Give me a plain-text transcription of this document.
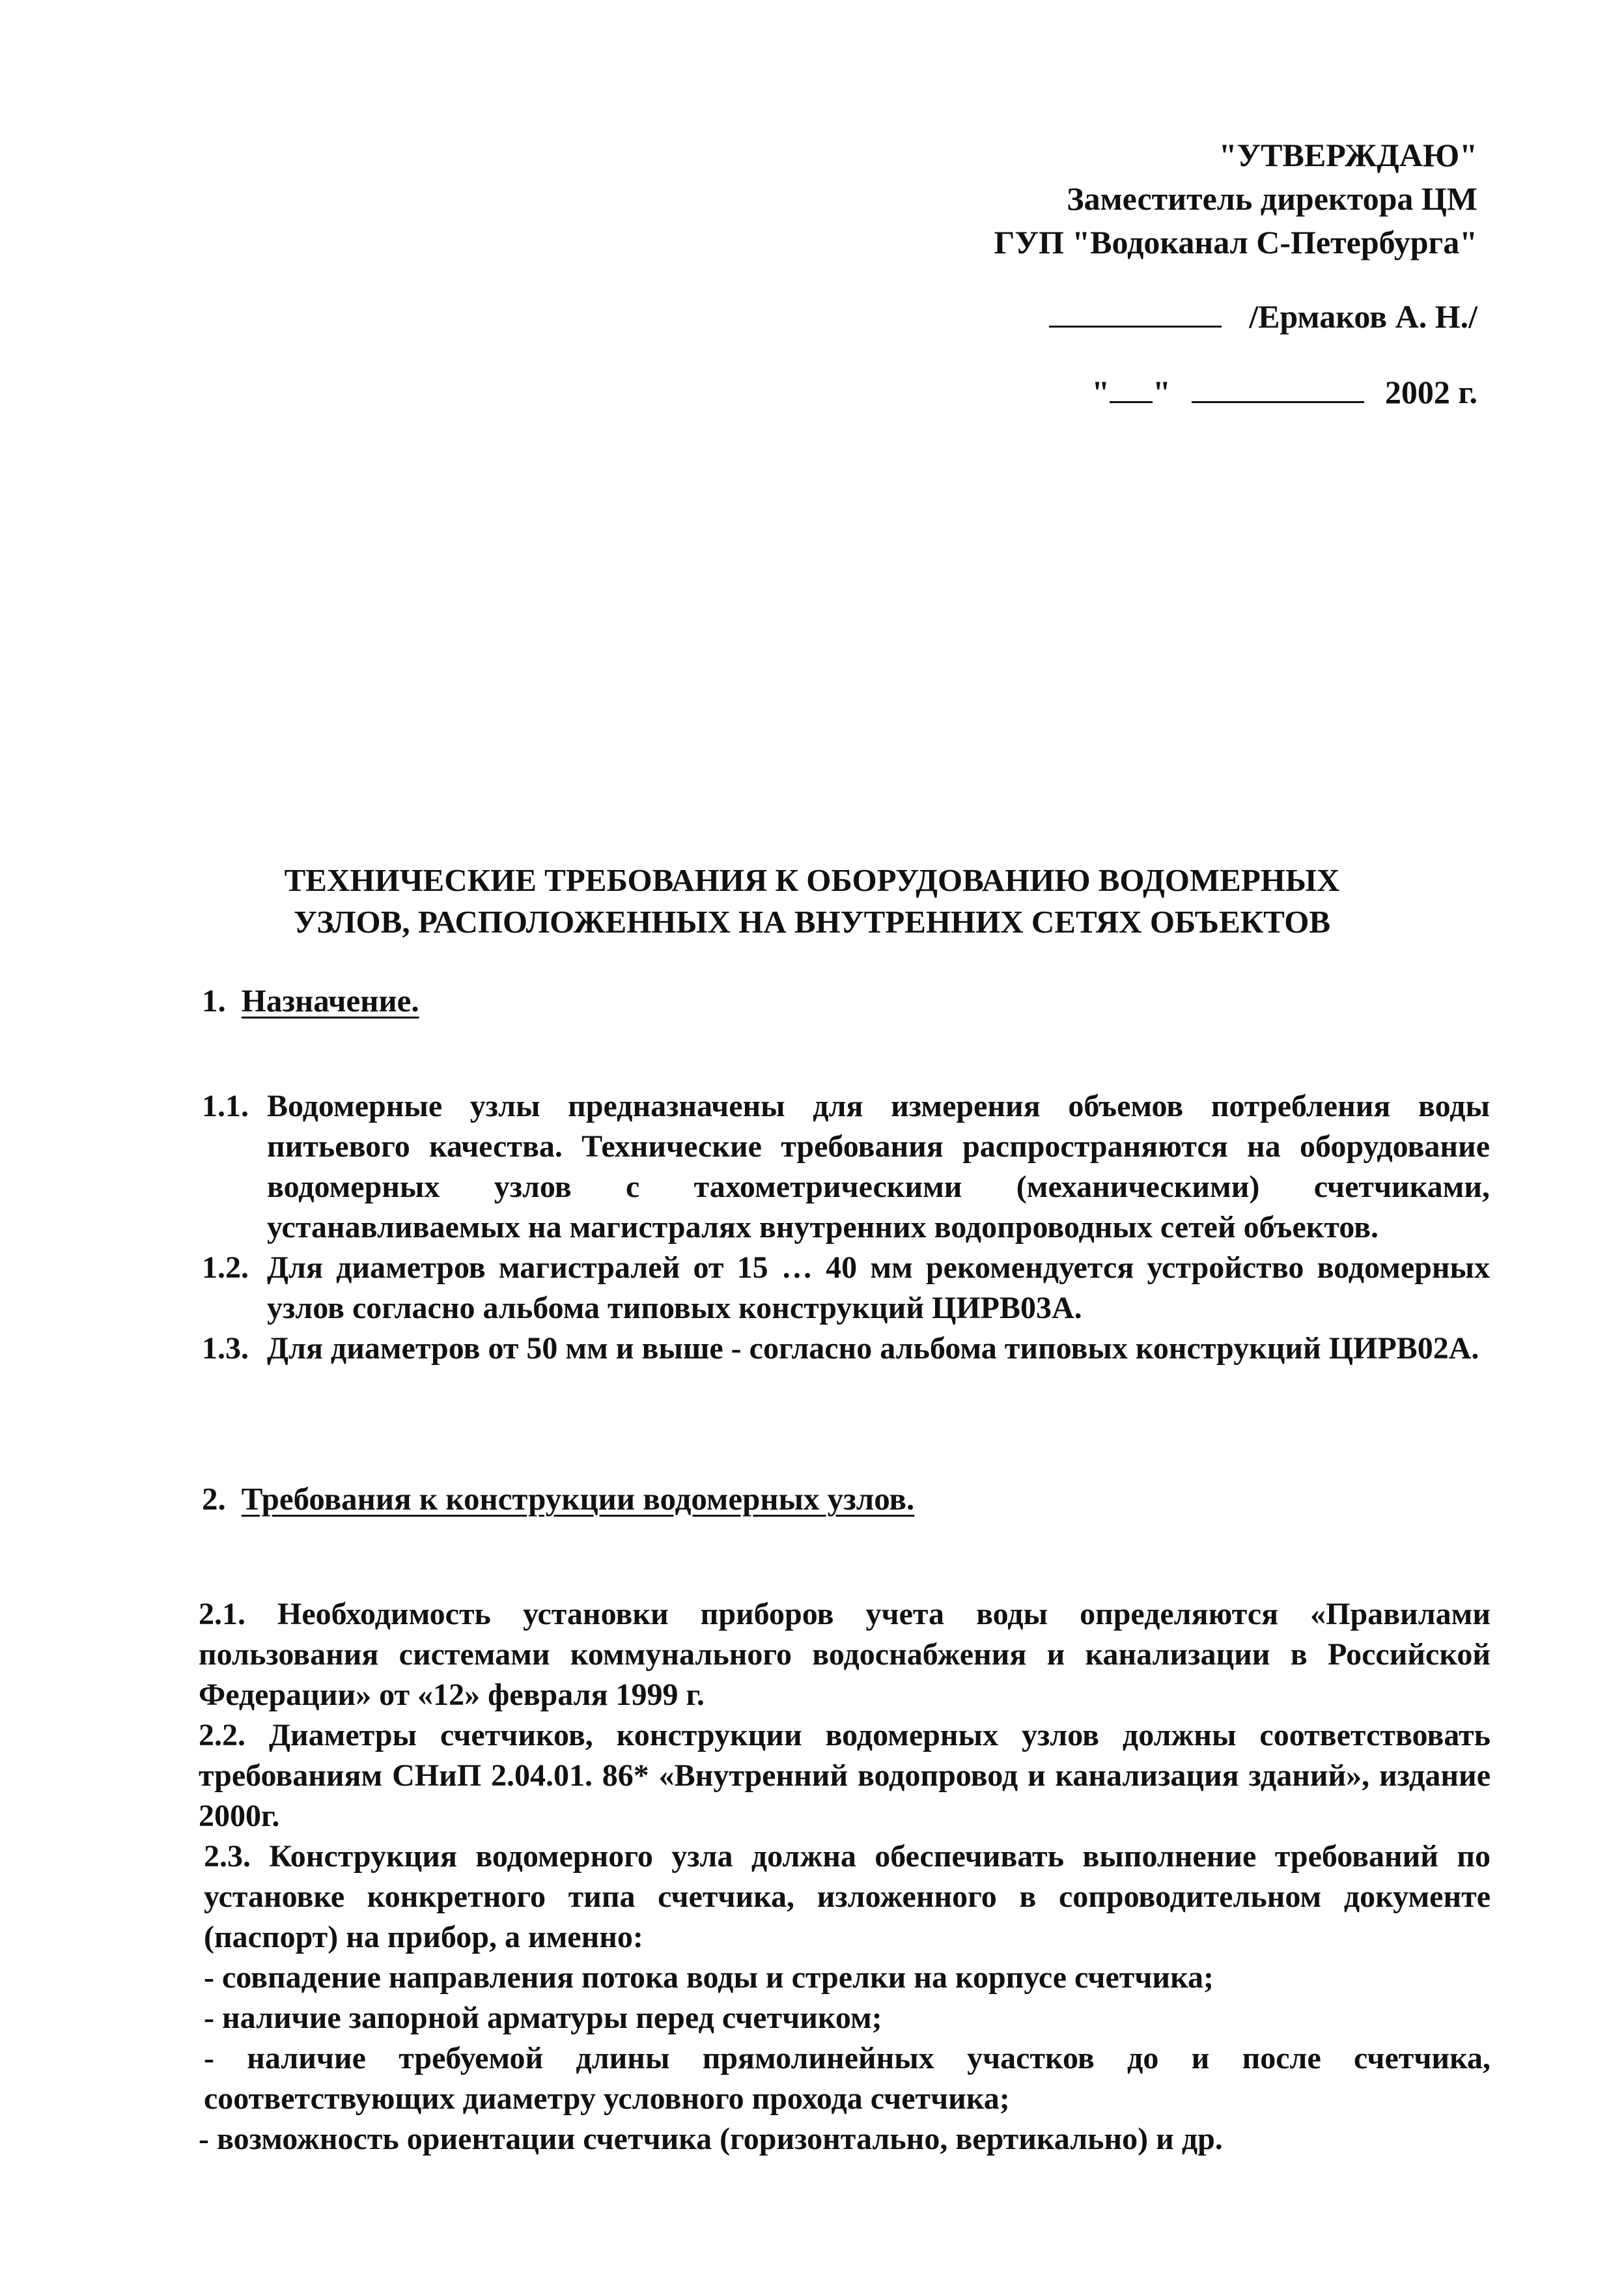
"УТВЕРЖДАЮ"
Заместитель директора ЦМ
ГУП "Водоканал С-Петербурга"
/Ермаков А. Н./
" "	2002 г.
ТЕХНИЧЕСКИЕ ТРЕБОВАНИЯ К ОБОРУДОВАНИЮ ВОДОМЕРНЫХ
УЗЛОВ, РАСПОЛОЖЕННЫХ НА ВНУТРЕННИХ СЕТЯХ ОБЪЕКТОВ
1. Назначение.
1.1. Водомерные узлы предназначены для измерения объемов потребления воды питьевого качества. Технические требования распространяются на оборудование водомерных узлов с тахометрическими (механическими) счетчиками, устанавливаемых на магистралях внутренних водопроводных сетей объектов.
1.2. Для диаметров магистралей от 15 … 40 мм рекомендуется устройство водомерных узлов согласно альбома типовых конструкций ЦИРВ03А.
1.3. Для диаметров от 50 мм и выше - согласно альбома типовых конструкций ЦИРВ02А.
2. Требования к конструкции водомерных узлов.

2.1. Необходимость установки приборов учета воды определяются «Правилами пользования системами коммунального водоснабжения и канализации в Российской Федерации» от «12» февраля 1999 г.

2.2. Диаметры счетчиков, конструкции водомерных узлов должны соответствовать требованиям СНиП 2.04.01. 86* «Внутренний водопровод и канализация зданий», издание 2000г.

2.3. Конструкция водомерного узла должна обеспечивать выполнение требований по установке конкретного типа счетчика, изложенного в сопроводительном документе (паспорт) на прибор, а именно:

- совпадение направления потока воды и стрелки на корпусе счетчика;

- наличие запорной арматуры перед счетчиком;

- наличие требуемой длины прямолинейных участков до и после счетчика, соответствующих диаметру условного прохода счетчика;

- возможность ориентации счетчика (горизонтально, вертикально) и др.
